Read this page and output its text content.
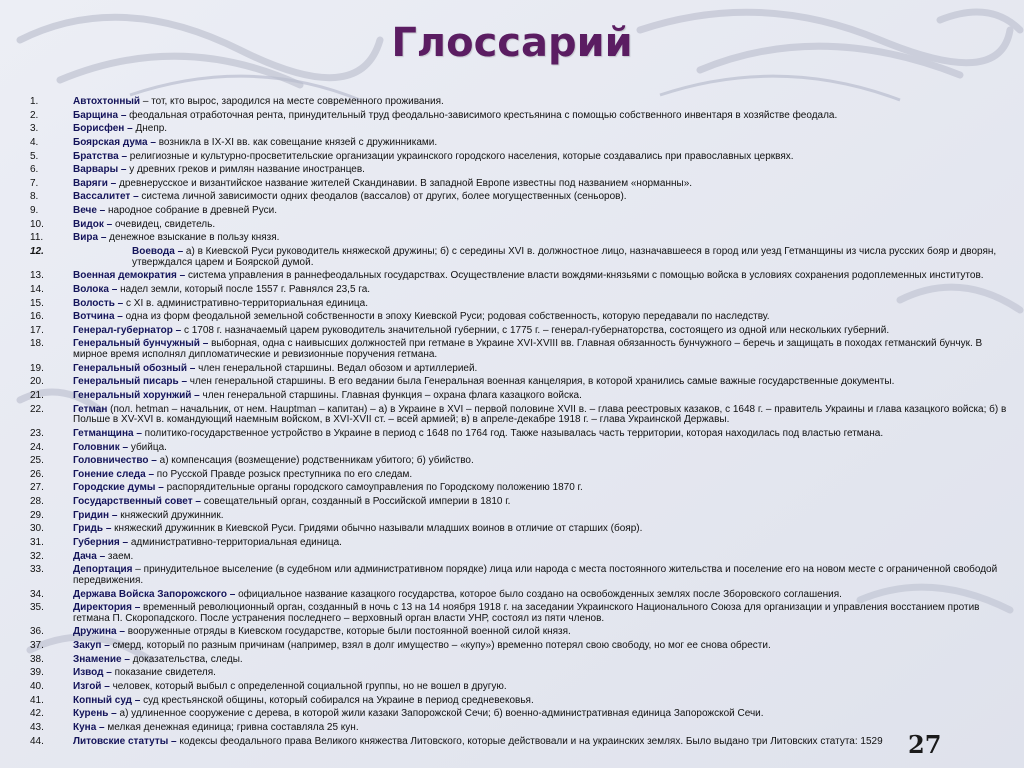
Глоссарий
1.	Автохтонный – тот, кто вырос, зародился на месте современного проживания.
2.	Барщина – феодальная отработочная рента, принудительный труд феодально-зависимого крестьянина с помощью собственного инвентаря в хозяйстве феодала.
3.	Борисфен – Днепр.
4.	Боярская дума – возникла в IX-XI вв. как совещание князей с дружинниками.
5.	Братства – религиозные и культурно-просветительские организации украинского городского населения, которые создавались при православных церквях.
6.	Варвары – у древних греков и римлян название иностранцев.
7.	Варяги – древнерусское и византийское название жителей Скандинавии. В западной Европе известны под названием «норманны».
8.	Вассалитет – система личной зависимости одних феодалов (вассалов) от других, более могущественных (сеньоров).
9.	Вече – народное собрание в древней Руси.
10.	Видок – очевидец, свидетель.
11.	Вира – денежное взыскание в пользу князя.
12.	Воевода – а) в Киевской Руси руководитель княжеской дружины; б) с середины XVI в. должностное лицо, назначавшееся в город или уезд Гетманщины из числа русских бояр и дворян, утверждался царем и Боярской думой.
13.	Военная демократия – система управления в раннефеодальных государствах. Осуществление власти вождями-князьями с помощью войска в условиях сохранения родоплеменных институтов.
14.	Волока – надел земли, который после 1557 г. Равнялся 23,5 га.
15.	Волость – с XI в. административно-территориальная единица.
16.	Вотчина – одна из форм феодальной земельной собственности в эпоху Киевской Руси; родовая собственность, которую передавали по наследству.
17.	Генерал-губернатор – с 1708 г. назначаемый царем руководитель значительной губернии, с 1775 г. – генерал-губернаторства, состоящего из одной или нескольких губерний.
18.	Генеральный бунчужный – выборная, одна с наивысших должностей при гетмане в Украине XVI-XVIII вв. Главная обязанность бунчужного – беречь и защищать в походах гетманский бунчук. В мирное время исполнял дипломатические и ревизионные поручения гетмана.
19.	Генеральный обозный – член генеральной старшины. Ведал обозом и артиллерией.
20.	Генеральный писарь – член генеральной старшины. В его ведании была Генеральная военная канцелярия, в которой хранились самые важные государственные документы.
21.	Генеральный хорунжий – член генеральной старшины. Главная функция – охрана флага казацкого войска.
22.	Гетман (пол. hetman – начальник, от нем. Hauptman – капитан) – а) в Украине в XVI – первой половине XVII в. – глава реестровых казаков, с 1648 г. – правитель Украины и глава казацкого войска; б) в Польше в XV-XVI в. командующий наемным войском, в XVI-XVII ст. – всей армией; в) в апреле-декабре 1918 г. – глава Украинской Державы.
23.	Гетманщина – политико-государственное устройство в Украине в период с 1648 по 1764 год. Также называлась часть территории, которая находилась под властью гетмана.
24.	Головник – убийца.
25.	Головничество – а) компенсация (возмещение) родственникам убитого; б) убийство.
26.	Гонение следа – по Русской Правде розыск преступника по его следам.
27.	Городские думы – распорядительные органы городского самоуправления по Городскому положению 1870 г.
28.	Государственный совет – совещательный орган, созданный в Российской империи в 1810 г.
29.	Гридин – княжеский дружинник.
30.	Гридь – княжеский дружинник в Киевской Руси. Гридями обычно называли младших воинов в отличие от старших (бояр).
31.	Губерния – административно-территориальная единица.
32.	Дача – заем.
33.	Депортация – принудительное выселение (в судебном или административном порядке) лица или народа с места постоянного жительства и поселение его на новом месте с ограниченной свободой передвижения.
34.	Держава Войска Запорожского – официальное название казацкого государства, которое было создано на освобожденных землях после Зборовского соглашения.
35.	Директория – временный революционный орган, созданный в ночь с 13 на 14 ноября 1918 г. на заседании Украинского Национального Союза для организации и управления восстанием против гетмана П. Скоропадского. После устранения последнего – верховный орган власти УНР, состоял из пяти членов.
36.	Дружина – вооруженные отряды в Киевском государстве, которые были постоянной военной силой князя.
37.	Закуп – смерд, который по разным причинам (например, взял в долг имущество – «купу») временно потерял свою свободу, но мог ее снова обрести.
38.	Знамение – доказательства, следы.
39.	Извод – показание свидетеля.
40.	Изгой – человек, который выбыл с определенной социальной группы, но не вошел в другую.
41.	Копный суд – суд крестьянской общины, который собирался на Украине в период средневековья.
42.	Курень – а) удлиненное сооружение с дерева, в которой жили казаки Запорожской Сечи; б) военно-административная единица Запорожской Сечи.
43.	Куна – мелкая денежная единица; гривна составляла 25 кун.
44.	Литовские статуты – кодексы феодального права Великого княжества Литовского, которые действовали и на украинских землях. Было выдано три Литовских статута: 1529	27
